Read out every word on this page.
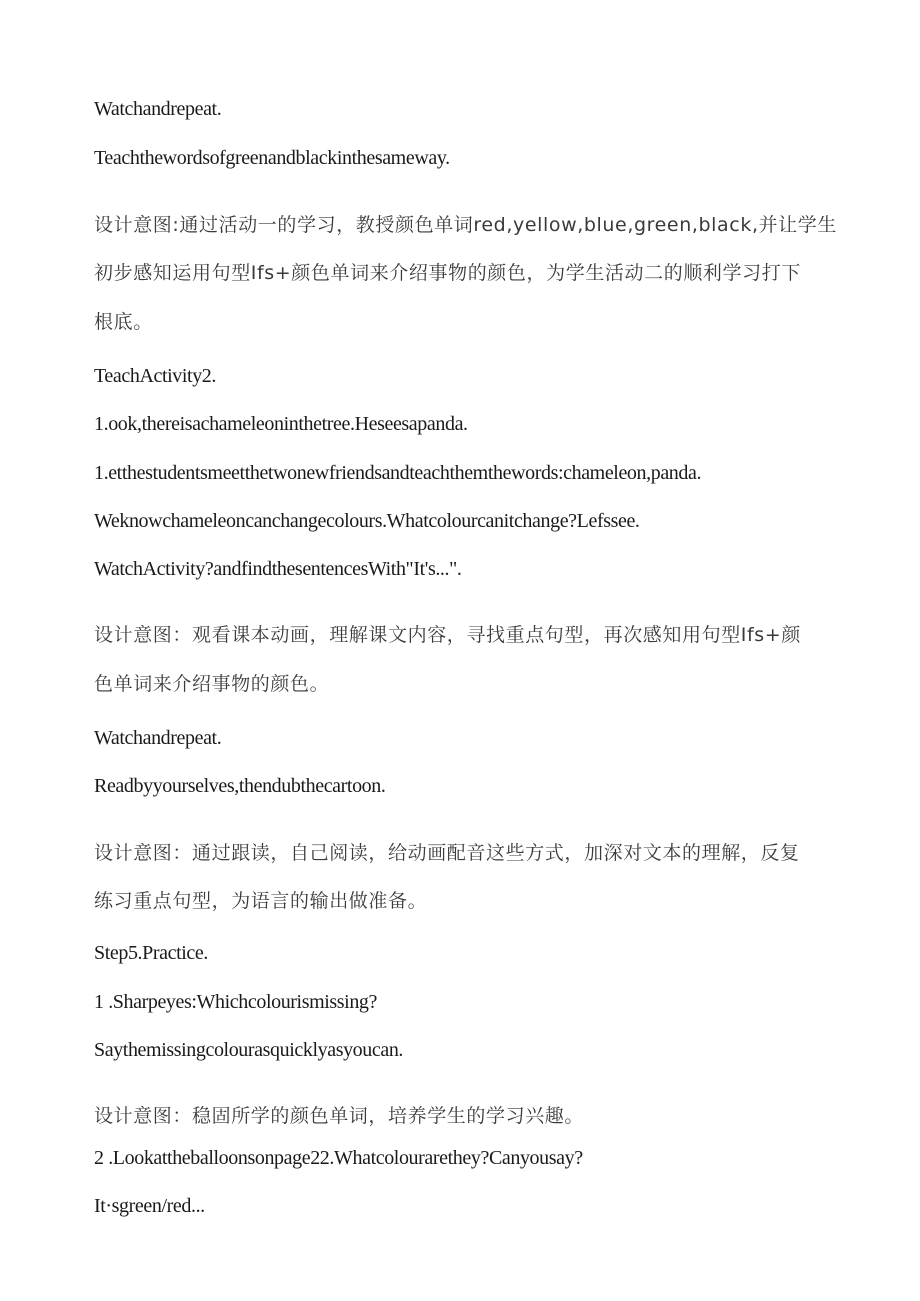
Watchandrepeat.
Teachthewordsofgreenandblackinthesameway.
设计意图:通过活动一的学习，教授颜色单词red,yellow,blue,green,black,并让学生
初步感知运用句型Ifs+颜色单词来介绍事物的颜色，为学生活动二的顺利学习打下
根底。
TeachActivity2.
1.ook,thereisachameleoninthetree.Heseesapanda.
1.etthestudentsmeetthetwonewfriendsandteachthemthewords:chameleon,panda.
Weknowchameleoncanchangecolours.Whatcolourcanitchange?Lefssee.
WatchActivity?andfindthesentencesWith"It's...".
设计意图：观看课本动画，理解课文内容，寻找重点句型，再次感知用句型Ifs+颜
色单词来介绍事物的颜色。
Watchandrepeat.
Readbyyourselves,thendubthecartoon.
设计意图：通过跟读，自己阅读，给动画配音这些方式，加深对文本的理解，反复
练习重点句型，为语言的输出做准备。
Step5.Practice.
1 .Sharpeyes:Whichcolourismissing?
Saythemissingcolourasquicklyasyoucan.
设计意图：稳固所学的颜色单词，培养学生的学习兴趣。
2 .Lookattheballoonsonpage22.Whatcolourarethey?Canyousay?
It·sgreen/red...
